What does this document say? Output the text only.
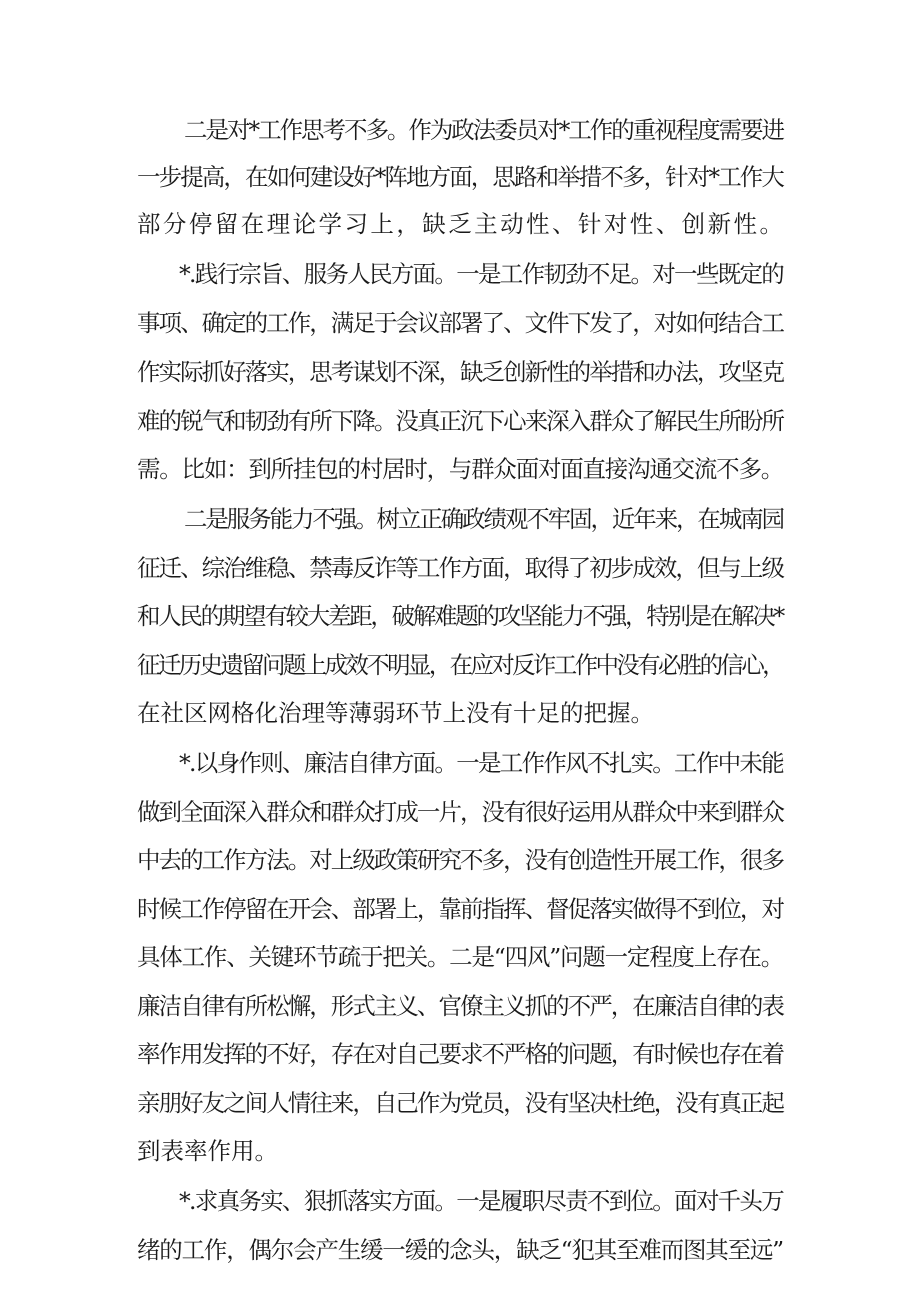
二是对*工作思考不多。作为政法委员对*工作的重视程度需要进
一步提高，在如何建设好*阵地方面，思路和举措不多，针对*工作大
部分停留在理论学习上，缺乏主动性、针对性、创新性。
*.践行宗旨、服务人民方面。一是工作韧劲不足。对一些既定的
事项、确定的工作，满足于会议部署了、文件下发了，对如何结合工
作实际抓好落实，思考谋划不深，缺乏创新性的举措和办法，攻坚克
难的锐气和韧劲有所下降。没真正沉下心来深入群众了解民生所盼所
需。比如：到所挂包的村居时，与群众面对面直接沟通交流不多。
二是服务能力不强。树立正确政绩观不牢固，近年来，在城南园
征迁、综治维稳、禁毒反诈等工作方面，取得了初步成效，但与上级
和人民的期望有较大差距，破解难题的攻坚能力不强，特别是在解决*
征迁历史遗留问题上成效不明显，在应对反诈工作中没有必胜的信心，
在社区网格化治理等薄弱环节上没有十足的把握。
*.以身作则、廉洁自律方面。一是工作作风不扎实。工作中未能
做到全面深入群众和群众打成一片，没有很好运用从群众中来到群众
中去的工作方法。对上级政策研究不多，没有创造性开展工作，很多
时候工作停留在开会、部署上，靠前指挥、督促落实做得不到位，对
具体工作、关键环节疏于把关。二是“四风”问题一定程度上存在。
廉洁自律有所松懈，形式主义、官僚主义抓的不严，在廉洁自律的表
率作用发挥的不好，存在对自己要求不严格的问题，有时候也存在着
亲朋好友之间人情往来，自己作为党员，没有坚决杜绝，没有真正起
到表率作用。
*.求真务实、狠抓落实方面。一是履职尽责不到位。面对千头万
绪的工作，偶尔会产生缓一缓的念头，缺乏“犯其至难而图其至远”
